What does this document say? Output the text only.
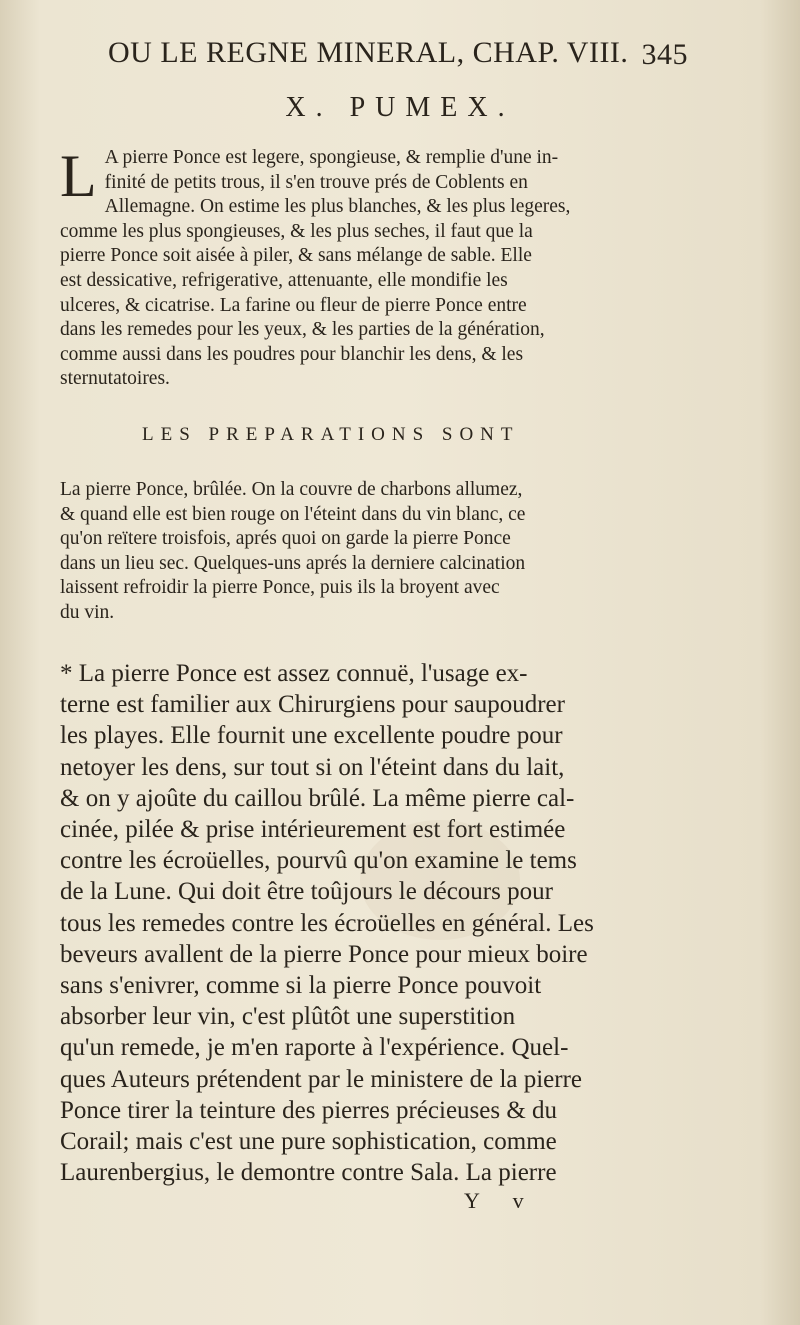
OU LE REGNE MINERAL, CHAP. VIII. 345
X. PUMEX.
L A pierre Ponce est legere, spongieuse, & remplie d'une in-
finité de petits trous, il s'en trouve prés de Coblents en
Allemagne. On estime les plus blanches, & les plus legeres,
comme les plus spongieuses, & les plus seches, il faut que la
pierre Ponce soit aisée à piler, & sans mélange de sable. Elle
est dessicative, refrigerative, attenuante, elle mondifie les
ulceres, & cicatrise. La farine ou fleur de pierre Ponce entre
dans les remedes pour les yeux, & les parties de la génération,
comme aussi dans les poudres pour blanchir les dens, & les
sternutatoires.
LES PREPARATIONS SONT
La pierre Ponce, brûlée. On la couvre de charbons allumez,
& quand elle est bien rouge on l'éteint dans du vin blanc, ce
qu'on reïtere troisfois, aprés quoi on garde la pierre Ponce
dans un lieu sec. Quelques-uns aprés la derniere calcination
laissent refroidir la pierre Ponce, puis ils la broyent avec
du vin.
* La pierre Ponce est assez connuë, l'usage ex-
terne est familier aux Chirurgiens pour saupoudrer
les playes. Elle fournit une excellente poudre pour
netoyer les dens, sur tout si on l'éteint dans du lait,
& on y ajoûte du caillou brûlé. La même pierre cal-
cinée, pilée & prise intérieurement est fort estimée
contre les écroüelles, pourvû qu'on examine le tems
de la Lune. Qui doit être toûjours le décours pour
tous les remedes contre les écroüelles en général. Les
beveurs avallent de la pierre Ponce pour mieux boire
sans s'enivrer, comme si la pierre Ponce pouvoit
absorber leur vin, c'est plûtôt une superstition
qu'un remede, je m'en raporte à l'expérience. Quel-
ques Auteurs prétendent par le ministere de la pierre
Ponce tirer la teinture des pierres précieuses & du
Corail; mais c'est une pure sophistication, comme
Laurenbergius, le demontre contre Sala. La pierre
Y v
